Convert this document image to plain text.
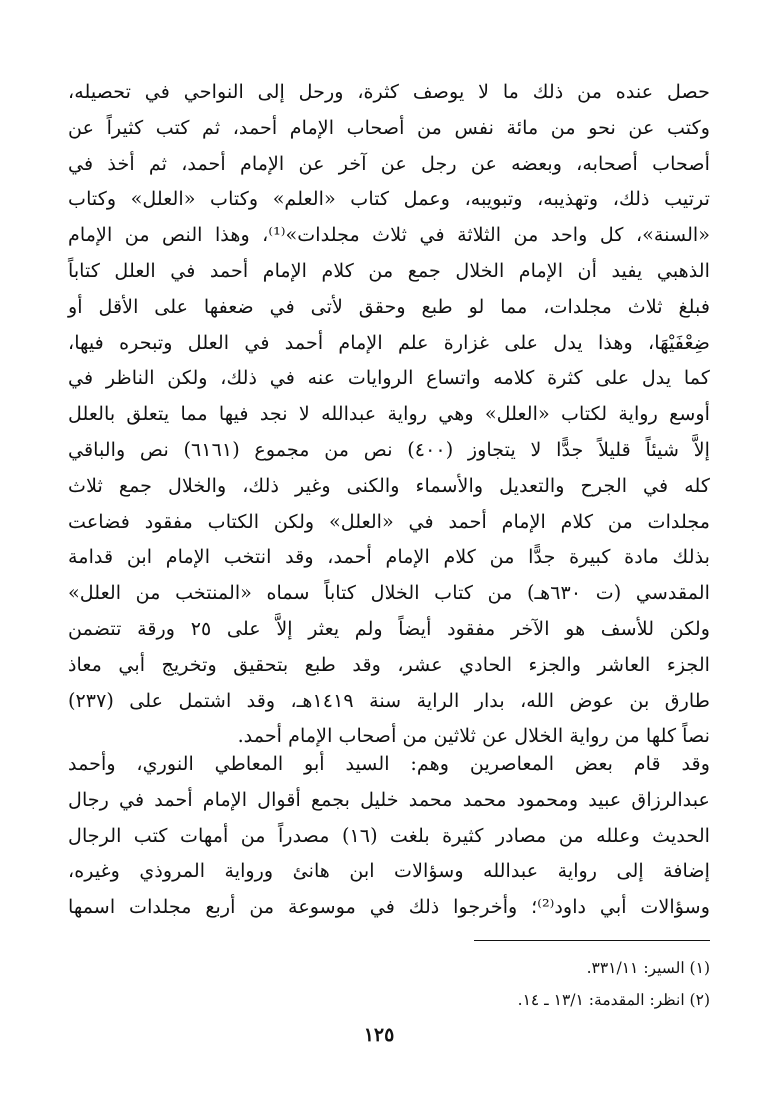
حصل عنده من ذلك ما لا يوصف كثرة، ورحل إلى النواحي في تحصيله،
وكتب عن نحو من مائة نفس من أصحاب الإمام أحمد، ثم كتب كثيراً عن
أصحاب أصحابه، وبعضه عن رجل عن آخر عن الإمام أحمد، ثم أخذ في
ترتيب ذلك، وتهذيبه، وتبويبه، وعمل كتاب «العلم» وكتاب «العلل» وكتاب
«السنة»، كل واحد من الثلاثة في ثلاث مجلدات»⁽¹⁾، وهذا النص من الإمام
الذهبي يفيد أن الإمام الخلال جمع من كلام الإمام أحمد في العلل كتاباً
فبلغ ثلاث مجلدات، مما لو طبع وحقق لأتى في ضعفها على الأقل أو
ضِعْفَيْهَا، وهذا يدل على غزارة علم الإمام أحمد في العلل وتبحره فيها،
كما يدل على كثرة كلامه واتساع الروايات عنه في ذلك، ولكن الناظر في
أوسع رواية لكتاب «العلل» وهي رواية عبدالله لا نجد فيها مما يتعلق بالعلل
إلاَّ شيئاً قليلاً جدًّا لا يتجاوز (٤٠٠) نص من مجموع (٦١٦١) نص والباقي
كله في الجرح والتعديل والأسماء والكنى وغير ذلك، والخلال جمع ثلاث
مجلدات من كلام الإمام أحمد في «العلل» ولكن الكتاب مفقود فضاعت
بذلك مادة كبيرة جدًّا من كلام الإمام أحمد، وقد انتخب الإمام ابن قدامة
المقدسي (ت ٦٣٠هـ) من كتاب الخلال كتاباً سماه «المنتخب من العلل»
ولكن للأسف هو الآخر مفقود أيضاً ولم يعثر إلاَّ على ٢٥ ورقة تتضمن
الجزء العاشر والجزء الحادي عشر، وقد طبع بتحقيق وتخريج أبي معاذ
طارق بن عوض الله، بدار الراية سنة ١٤١٩هـ، وقد اشتمل على (٢٣٧)
نصاً كلها من رواية الخلال عن ثلاثين من أصحاب الإمام أحمد.
وقد قام بعض المعاصرين وهم: السيد أبو المعاطي النوري، وأحمد
عبدالرزاق عبيد ومحمود محمد محمد خليل بجمع أقوال الإمام أحمد في رجال
الحديث وعلله من مصادر كثيرة بلغت (١٦) مصدراً من أمهات كتب الرجال
إضافة إلى رواية عبدالله وسؤالات ابن هانئ ورواية المروذي وغيره،
وسؤالات أبي داود⁽²⁾؛ وأخرجوا ذلك في موسوعة من أربع مجلدات اسمها
(١) السير: ٣٣١/١١.
(٢) انظر: المقدمة: ١٣/١ ـ ١٤.
١٢٥
